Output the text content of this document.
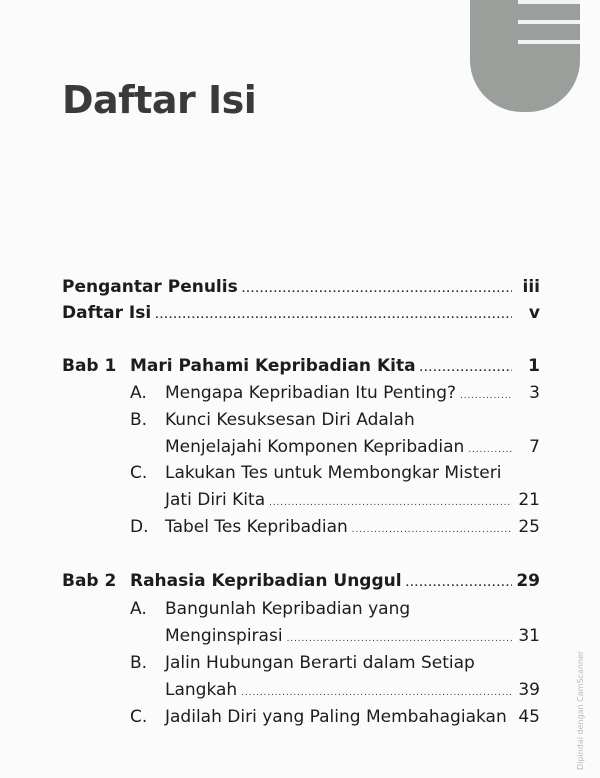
Daftar Isi
Pengantar Penulis . . .	iii
Daftar Isi . . .	v
Bab 1 Mari Pahami Kepribadian Kita . . .	1
A. Mengapa Kepribadian Itu Penting? . . .	3
B. Kunci Kesuksesan Diri Adalah
Menjelajahi Komponen Kepribadian . . .	7
C. Lakukan Tes untuk Membongkar Misteri
Jati Diri Kita . . .	21
D. Tabel Tes Kepribadian . . .	25
Bab 2 Rahasia Kepribadian Unggul . . .	29
A. Bangunlah Kepribadian yang
Menginspirasi . . .	31
B. Jalin Hubungan Berarti dalam Setiap
Langkah . . .	39
C. Jadilah Diri yang Paling Membahagiakan 45	Dipindai dengan CamScanner
